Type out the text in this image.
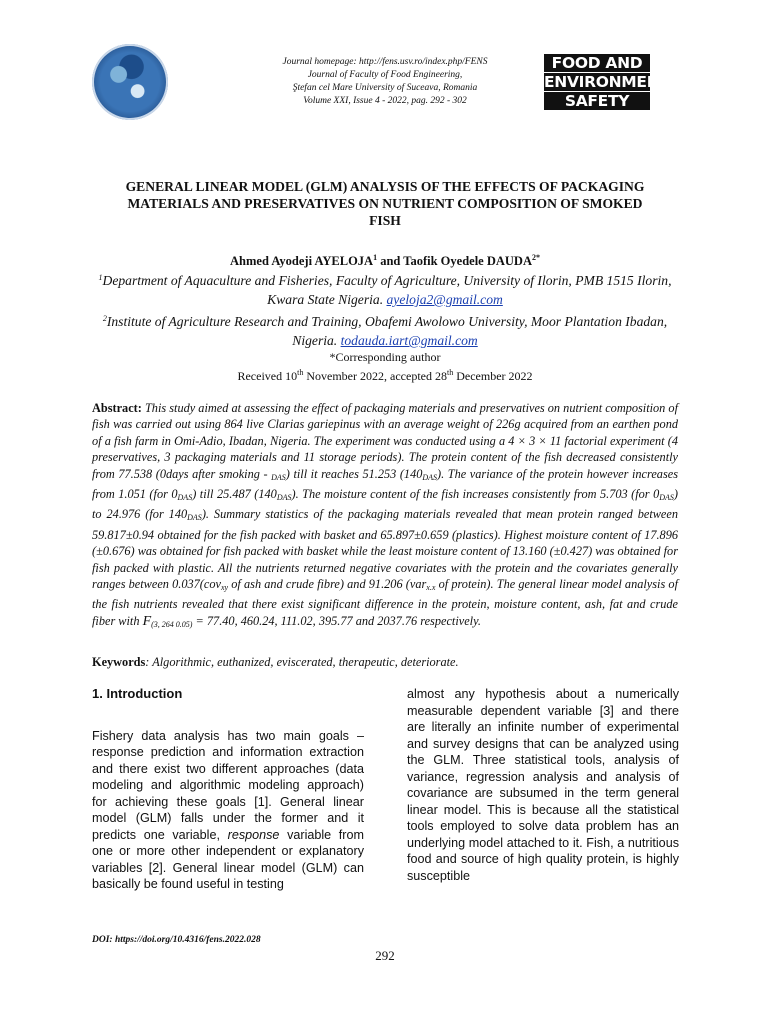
Journal homepage: http://fens.usv.ro/index.php/FENS
Journal of Faculty of Food Engineering,
Ştefan cel Mare University of Suceava, Romania
Volume XXI, Issue 4 - 2022, pag. 292 - 302
FOOD AND
ENVIRONMENT
SAFETY
GENERAL LINEAR MODEL (GLM) ANALYSIS OF THE EFFECTS OF PACKAGING MATERIALS AND PRESERVATIVES ON NUTRIENT COMPOSITION OF SMOKED FISH
Ahmed Ayodeji AYELOJA$^1$ and Taofik Oyedele $DAUDA^{2*}$
$^1$Department of Aquaculture and Fisheries, Faculty of Agriculture, University of Ilorin, PMB 1515 Ilorin, Kwara State Nigeria. ayeloja2@gmail.com
$^2$Institute of Agriculture Research and Training, Obafemi Awolowo University, Moor Plantation Ibadan, Nigeria. todauda.iart@gmail.com
*Corresponding author
Received 10th November 2022, accepted 28th December 2022
Abstract: This study aimed at assessing the effect of packaging materials and preservatives on nutrient composition of fish was carried out using 864 live Clarias gariepinus with an average weight of 226g acquired from an earthen pond of a fish farm in Omi-Adio, Ibadan, Nigeria. The experiment was conducted using a 4 × 3 × 11 factorial experiment (4 preservatives, 3 packaging materials and 11 storage periods). The protein content of the fish decreased consistently from 77.538 (0days after smoking - $_{DAS}$) till it reaches 51.253 $(140_{DAS})$. The variance of the protein however increases from 1.051 (for $0_{DAS}$) till 25.487 $(140_{DAS})$. The moisture content of the fish increases consistently from 5.703 (for $0_{DAS}$) to 24.976 (for $140_{DAS}$). Summary statistics of the packaging materials revealed that mean protein ranged between 59.817±0.94 obtained for the fish packed with basket and 65.897±0.659 (plastics). Highest moisture content of 17.896 (±0.676) was obtained for fish packed with basket while the least moisture content of 13.160 (±0.427) was obtained for fish packed with plastic. All the nutrients returned negative covariates with the protein and the covariates generally ranges between 0.037(cov$_{xy}$ of ash and crude fibre) and 91.206 (var$_{x.x}$ of protein). The general linear model analysis of the fish nutrients revealed that there exist significant difference in the protein, moisture content, ash, fat and crude fiber with $F_{(3, 264 0.05)} = 77.40$, 460.24, 111.02, 395.77 and 2037.76 respectively.
Keywords: Algorithmic, euthanized, eviscerated, therapeutic, deteriorate.
1. Introduction

Fishery data analysis has two main goals – response prediction and information extraction and there exist two different approaches (data modeling and algorithmic modeling approach) for achieving these goals [1]. General linear model (GLM) falls under the former and it predicts one variable, response variable from one or more other independent or explanatory variables [2]. General linear model (GLM) can basically be found useful in testing

almost any hypothesis about a numerically measurable dependent variable [3] and there are literally an infinite number of experimental and survey designs that can be analyzed using the GLM. Three statistical tools, analysis of variance, regression analysis and analysis of covariance are subsumed in the term general linear model. This is because all the statistical tools employed to solve data problem has an underlying model attached to it. Fish, a nutritious food and source of high quality protein, is highly susceptible

DOI: https://doi.org/10.4316/fens.2022.028
292
